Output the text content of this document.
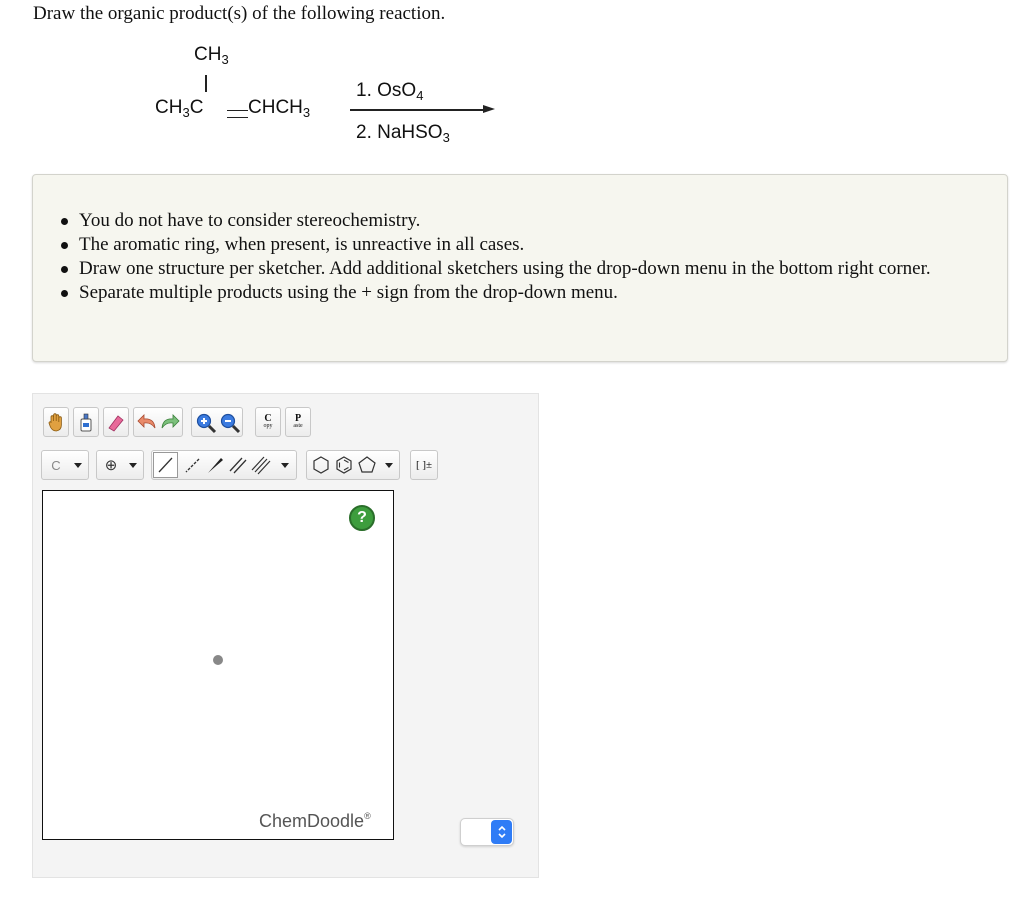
Draw the organic product(s) of the following reaction.
$CH_3$
$CH_3C$ $CHCH_3$
1. OsO$_4$
2. NaHSO$_3$
You do not have to consider stereochemistry.
The aromatic ring, when present, is unreactive in all cases.
Draw one structure per sketcher. Add additional sketchers using the drop-down menu in the bottom right corner.
Separate multiple products using the + sign from the drop-down menu.
C
opy
P
aste
C	⊕	[ ]±
?
ChemDoodle®
